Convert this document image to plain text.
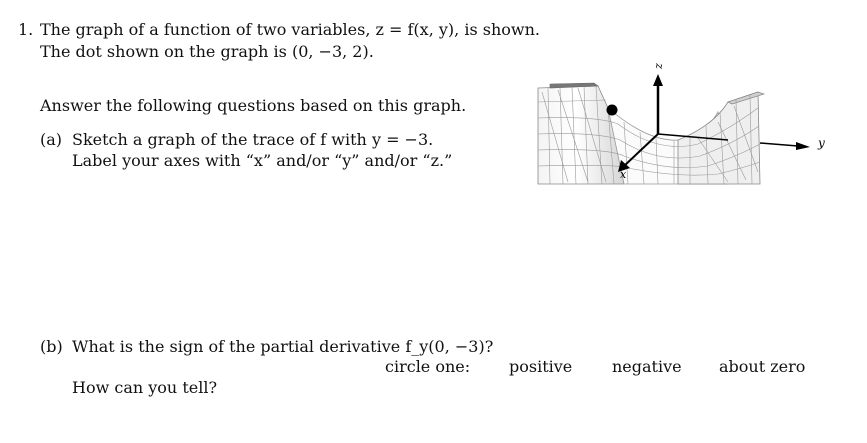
1. The graph of a function of two variables, z = f(x, y), is shown.
The dot shown on the graph is (0, −3, 2).
Answer the following questions based on this graph.
(a) Sketch a graph of the trace of f with y = −3.
Label your axes with “x” and/or “y” and/or “z.”
(b) What is the sign of the partial derivative f_y(0, −3)?
circle one: positive negative about zero
How can you tell?
z
y
x
